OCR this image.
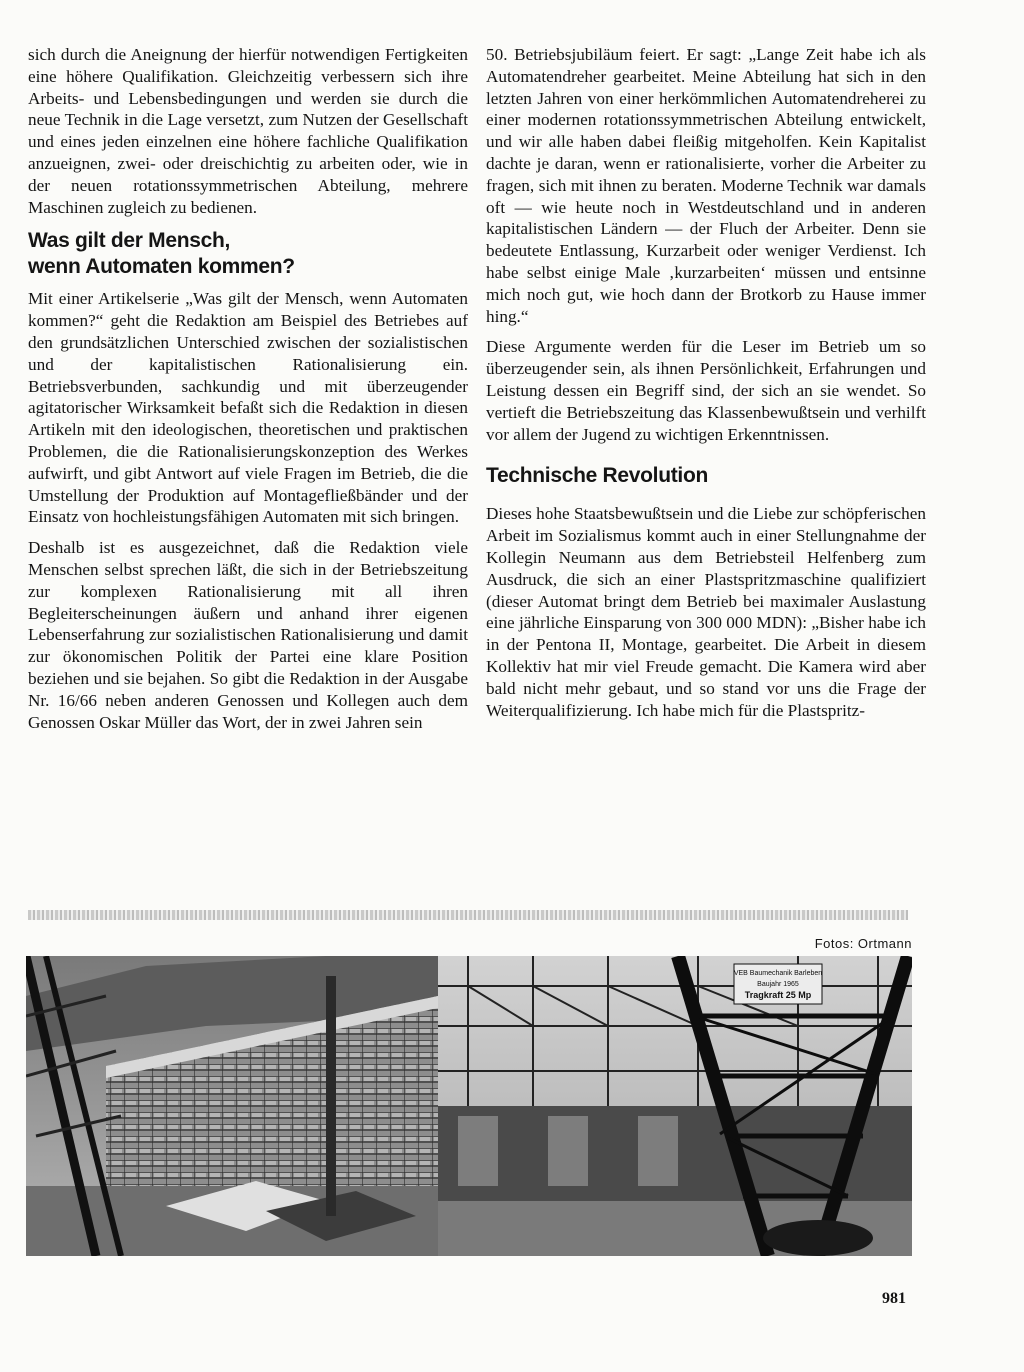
sich durch die Aneignung der hierfür notwendigen Fertigkeiten eine höhere Qualifikation. Gleichzeitig verbessern sich ihre Arbeits- und Lebensbedingungen und werden sie durch die neue Technik in die Lage versetzt, zum Nutzen der Gesellschaft und eines jeden einzelnen eine höhere fachliche Qualifikation anzueignen, zwei- oder dreischichtig zu arbeiten oder, wie in der neuen rotationssymmetrischen Abteilung, mehrere Maschinen zugleich zu bedienen.

Was gilt der Mensch,
wenn Automaten kommen?

Mit einer Artikelserie „Was gilt der Mensch, wenn Automaten kommen?“ geht die Redaktion am Beispiel des Betriebes auf den grundsätzlichen Unterschied zwischen der sozialistischen und der kapitalistischen Rationalisierung ein. Betriebsverbunden, sachkundig und mit überzeugender agitatorischer Wirksamkeit befaßt sich die Redaktion in diesen Artikeln mit den ideologischen, theoretischen und praktischen Problemen, die die Rationalisierungskonzeption des Werkes aufwirft, und gibt Antwort auf viele Fragen im Betrieb, die die Umstellung der Produktion auf Montagefließbänder und der Einsatz von hochleistungsfähigen Automaten mit sich bringen.

Deshalb ist es ausgezeichnet, daß die Redaktion viele Menschen selbst sprechen läßt, die sich in der Betriebszeitung zur komplexen Rationalisierung mit all ihren Begleiterscheinungen äußern und anhand ihrer eigenen Lebenserfahrung zur sozialistischen Rationalisierung und damit zur ökonomischen Politik der Partei eine klare Position beziehen und sie bejahen. So gibt die Redaktion in der Ausgabe Nr. 16/66 neben anderen Genossen und Kollegen auch dem Genossen Oskar Müller das Wort, der in zwei Jahren sein

50. Betriebsjubiläum feiert. Er sagt: „Lange Zeit habe ich als Automatendreher gearbeitet. Meine Abteilung hat sich in den letzten Jahren von einer herkömmlichen Automatendreherei zu einer modernen rotationssymmetrischen Abteilung entwickelt, und wir alle haben dabei fleißig mitgeholfen. Kein Kapitalist dachte je daran, wenn er rationalisierte, vorher die Arbeiter zu fragen, sich mit ihnen zu beraten. Moderne Technik war damals oft — wie heute noch in Westdeutschland und in anderen kapitalistischen Ländern — der Fluch der Arbeiter. Denn sie bedeutete Entlassung, Kurzarbeit oder weniger Verdienst. Ich habe selbst einige Male ‚kurzarbeiten‘ müssen und entsinne mich noch gut, wie hoch dann der Brotkorb zu Hause immer hing.“

Diese Argumente werden für die Leser im Betrieb um so überzeugender sein, als ihnen Persönlichkeit, Erfahrungen und Leistung dessen ein Begriff sind, der sich an sie wendet. So vertieft die Betriebszeitung das Klassenbewußtsein und verhilft vor allem der Jugend zu wichtigen Erkenntnissen.

Technische Revolution

Dieses hohe Staatsbewußtsein und die Liebe zur schöpferischen Arbeit im Sozialismus kommt auch in einer Stellungnahme der Kollegin Neumann aus dem Betriebsteil Helfenberg zum Ausdruck, die sich an einer Plastspritzmaschine qualifiziert (dieser Automat bringt dem Betrieb bei maximaler Auslastung eine jährliche Einsparung von 300 000 MDN): „Bisher habe ich in der Pentona II, Montage, gearbeitet. Die Arbeit in diesem Kollektiv hat mir viel Freude gemacht. Die Kamera wird aber bald nicht mehr gebaut, und so stand vor uns die Frage der Weiterqualifizierung. Ich habe mich für die Plastspritz-

Fotos: Ortmann
VEB Baumechanik Barleben
Baujahr 1965
Tragkraft 25 Mp
981
